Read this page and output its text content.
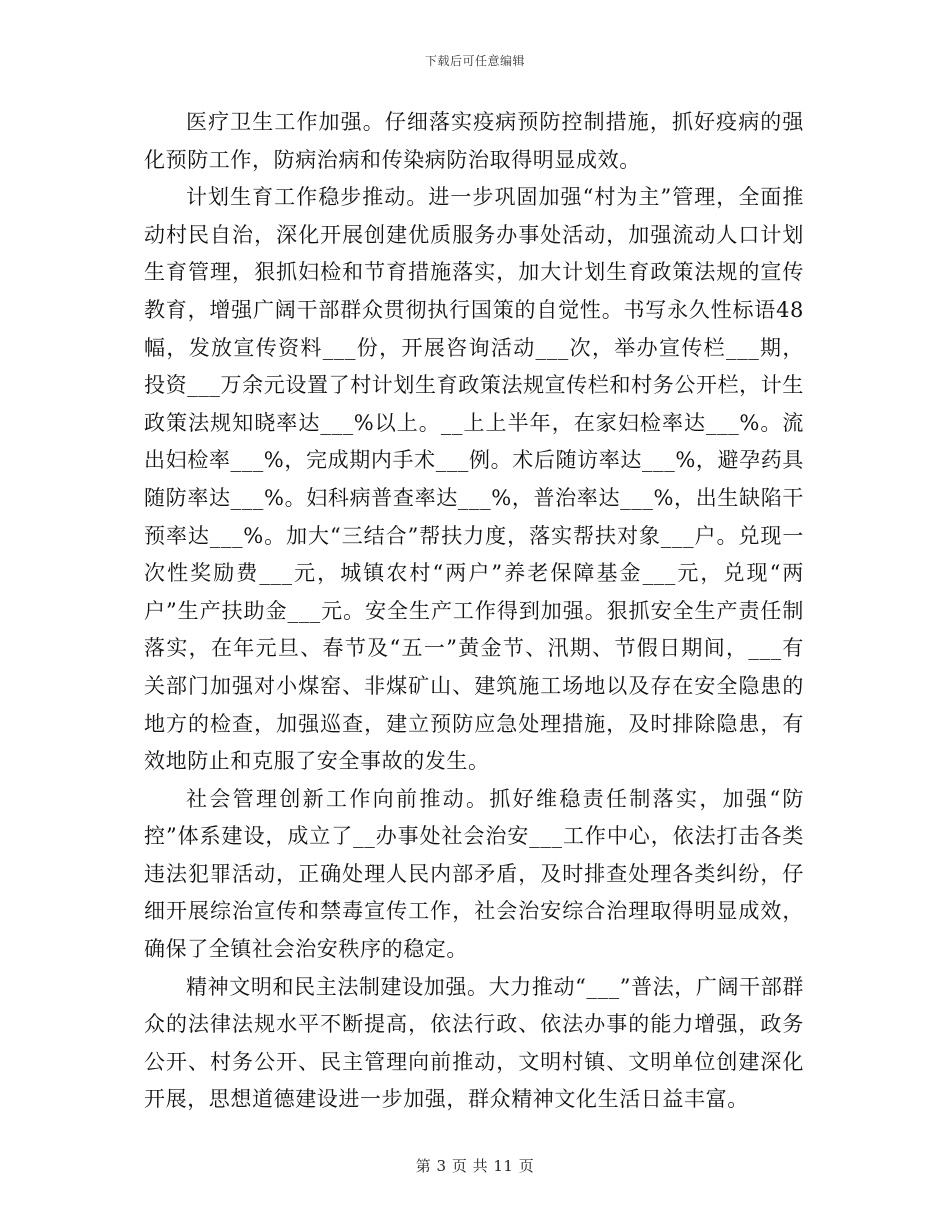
下载后可任意编辑

医疗卫生工作加强。仔细落实疫病预防控制措施，抓好疫病的强化预防工作，防病治病和传染病防治取得明显成效。

计划生育工作稳步推动。进一步巩固加强“村为主”管理，全面推动村民自治，深化开展创建优质服务办事处活动，加强流动人口计划生育管理，狠抓妇检和节育措施落实，加大计划生育政策法规的宣传教育，增强广阔干部群众贯彻执行国策的自觉性。书写永久性标语48幅，发放宣传资料___份，开展咨询活动___次，举办宣传栏___期，投资___万余元设置了村计划生育政策法规宣传栏和村务公开栏，计生政策法规知晓率达___%以上。__上上半年，在家妇检率达___%。流出妇检率___%，完成期内手术___例。术后随访率达___%，避孕药具随防率达___%。妇科病普查率达___%，普治率达___%，出生缺陷干预率达___%。加大“三结合”帮扶力度，落实帮扶对象___户。兑现一次性奖励费___元，城镇农村“两户”养老保障基金___元，兑现“两户”生产扶助金___元。安全生产工作得到加强。狠抓安全生产责任制落实，在年元旦、春节及“五一”黄金节、汛期、节假日期间，___有关部门加强对小煤窑、非煤矿山、建筑施工场地以及存在安全隐患的地方的检查，加强巡查，建立预防应急处理措施，及时排除隐患，有效地防止和克服了安全事故的发生。

社会管理创新工作向前推动。抓好维稳责任制落实，加强“防控”体系建设，成立了__办事处社会治安___工作中心，依法打击各类违法犯罪活动，正确处理人民内部矛盾，及时排查处理各类纠纷，仔细开展综治宣传和禁毒宣传工作，社会治安综合治理取得明显成效，确保了全镇社会治安秩序的稳定。

精神文明和民主法制建设加强。大力推动“___”普法，广阔干部群众的法律法规水平不断提高，依法行政、依法办事的能力增强，政务公开、村务公开、民主管理向前推动，文明村镇、文明单位创建深化开展，思想道德建设进一步加强，群众精神文化生活日益丰富。

第 3 页 共 11 页
